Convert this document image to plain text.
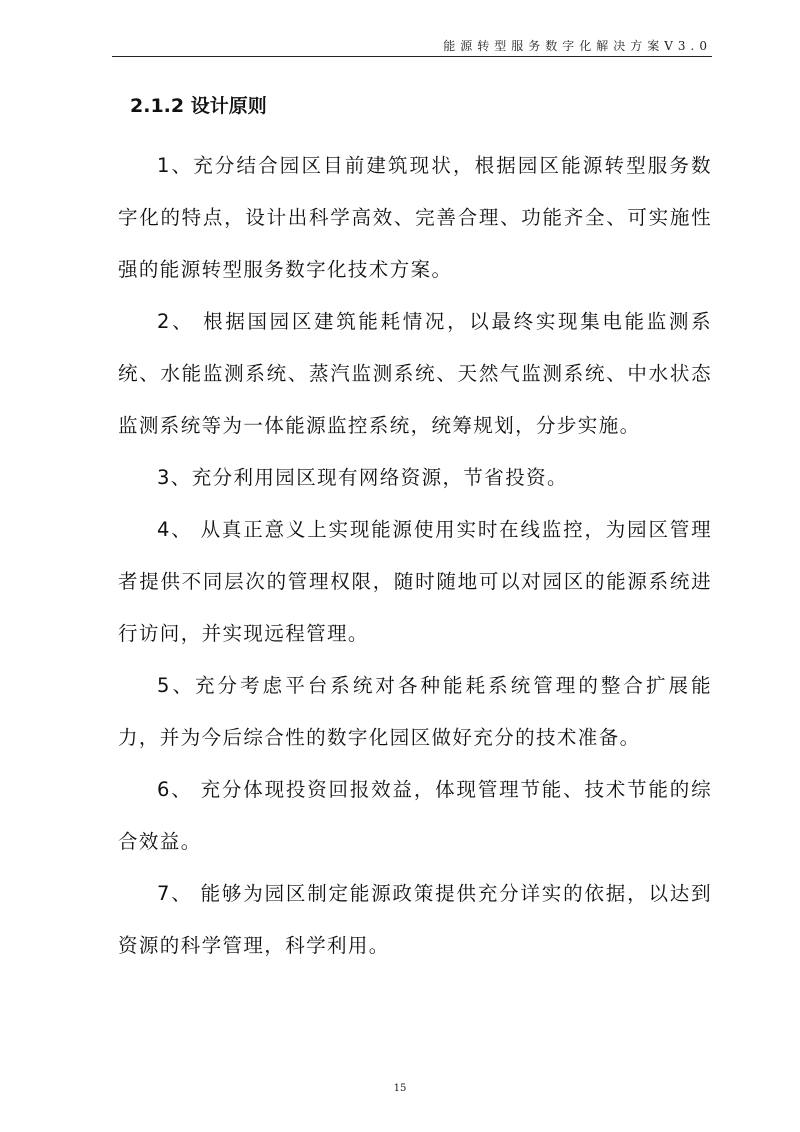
能源转型服务数字化解决方案V3.0
2.1.2 设计原则

1、充分结合园区目前建筑现状，根据园区能源转型服务数字化的特点，设计出科学高效、完善合理、功能齐全、可实施性强的能源转型服务数字化技术方案。

2、 根据国园区建筑能耗情况，以最终实现集电能监测系统、水能监测系统、蒸汽监测系统、天然气监测系统、中水状态监测系统等为一体能源监控系统，统筹规划，分步实施。

3、充分利用园区现有网络资源，节省投资。

4、 从真正意义上实现能源使用实时在线监控，为园区管理者提供不同层次的管理权限，随时随地可以对园区的能源系统进行访问，并实现远程管理。

5、充分考虑平台系统对各种能耗系统管理的整合扩展能力，并为今后综合性的数字化园区做好充分的技术准备。

6、 充分体现投资回报效益，体现管理节能、技术节能的综合效益。

7、 能够为园区制定能源政策提供充分详实的依据，以达到资源的科学管理，科学利用。

15
